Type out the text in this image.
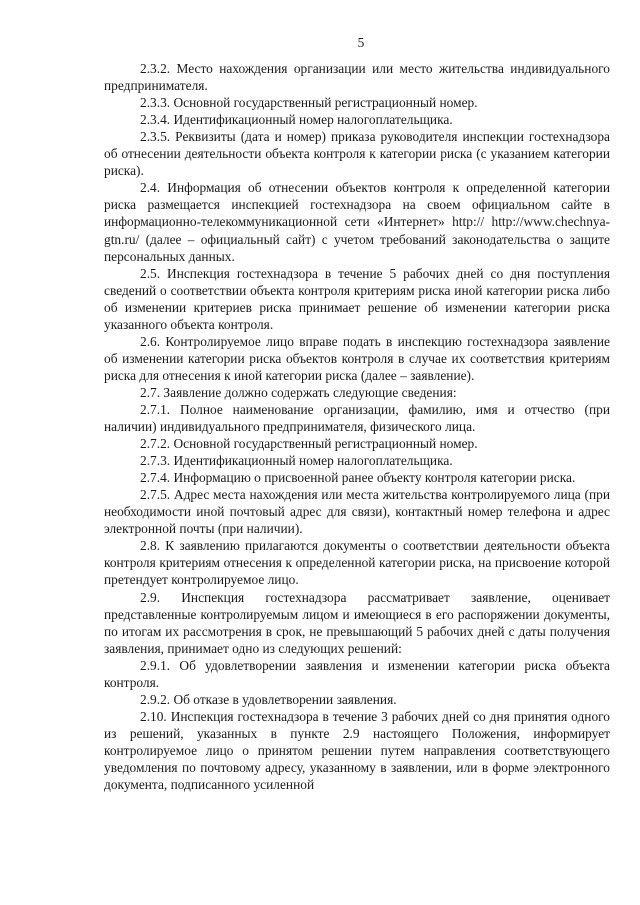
5

2.3.2. Место нахождения организации или место жительства индивидуального предпринимателя.

2.3.3. Основной государственный регистрационный номер.

2.3.4. Идентификационный номер налогоплательщика.

2.3.5. Реквизиты (дата и номер) приказа руководителя инспекции гостехнадзора об отнесении деятельности объекта контроля к категории риска (с указанием категории риска).

2.4. Информация об отнесении объектов контроля к определенной категории риска размещается инспекцией гостехнадзора на своем официальном сайте в информационно-телекоммуникационной сети «Интернет» http:// http://www.chechnya-gtn.ru/ (далее – официальный сайт) с учетом требований законодательства о защите персональных данных.

2.5. Инспекция гостехнадзора в течение 5 рабочих дней со дня поступления сведений о соответствии объекта контроля критериям риска иной категории риска либо об изменении критериев риска принимает решение об изменении категории риска указанного объекта контроля.

2.6. Контролируемое лицо вправе подать в инспекцию гостехнадзора заявление об изменении категории риска объектов контроля в случае их соответствия критериям риска для отнесения к иной категории риска (далее – заявление).

2.7. Заявление должно содержать следующие сведения:

2.7.1. Полное наименование организации, фамилию, имя и отчество (при наличии) индивидуального предпринимателя, физического лица.

2.7.2. Основной государственный регистрационный номер.

2.7.3. Идентификационный номер налогоплательщика.

2.7.4. Информацию о присвоенной ранее объекту контроля категории риска.

2.7.5. Адрес места нахождения или места жительства контролируемого лица (при необходимости иной почтовый адрес для связи), контактный номер телефона и адрес электронной почты (при наличии).

2.8. К заявлению прилагаются документы о соответствии деятельности объекта контроля критериям отнесения к определенной категории риска, на присвоение которой претендует контролируемое лицо.

2.9. Инспекция гостехнадзора рассматривает заявление, оценивает представленные контролируемым лицом и имеющиеся в его распоряжении документы, по итогам их рассмотрения в срок, не превышающий 5 рабочих дней с даты получения заявления, принимает одно из следующих решений:

2.9.1. Об удовлетворении заявления и изменении категории риска объекта контроля.

2.9.2. Об отказе в удовлетворении заявления.

2.10. Инспекция гостехнадзора в течение 3 рабочих дней со дня принятия одного из решений, указанных в пункте 2.9 настоящего Положения, информирует контролируемое лицо о принятом решении путем направления соответствующего уведомления по почтовому адресу, указанному в заявлении, или в форме электронного документа, подписанного усиленной
